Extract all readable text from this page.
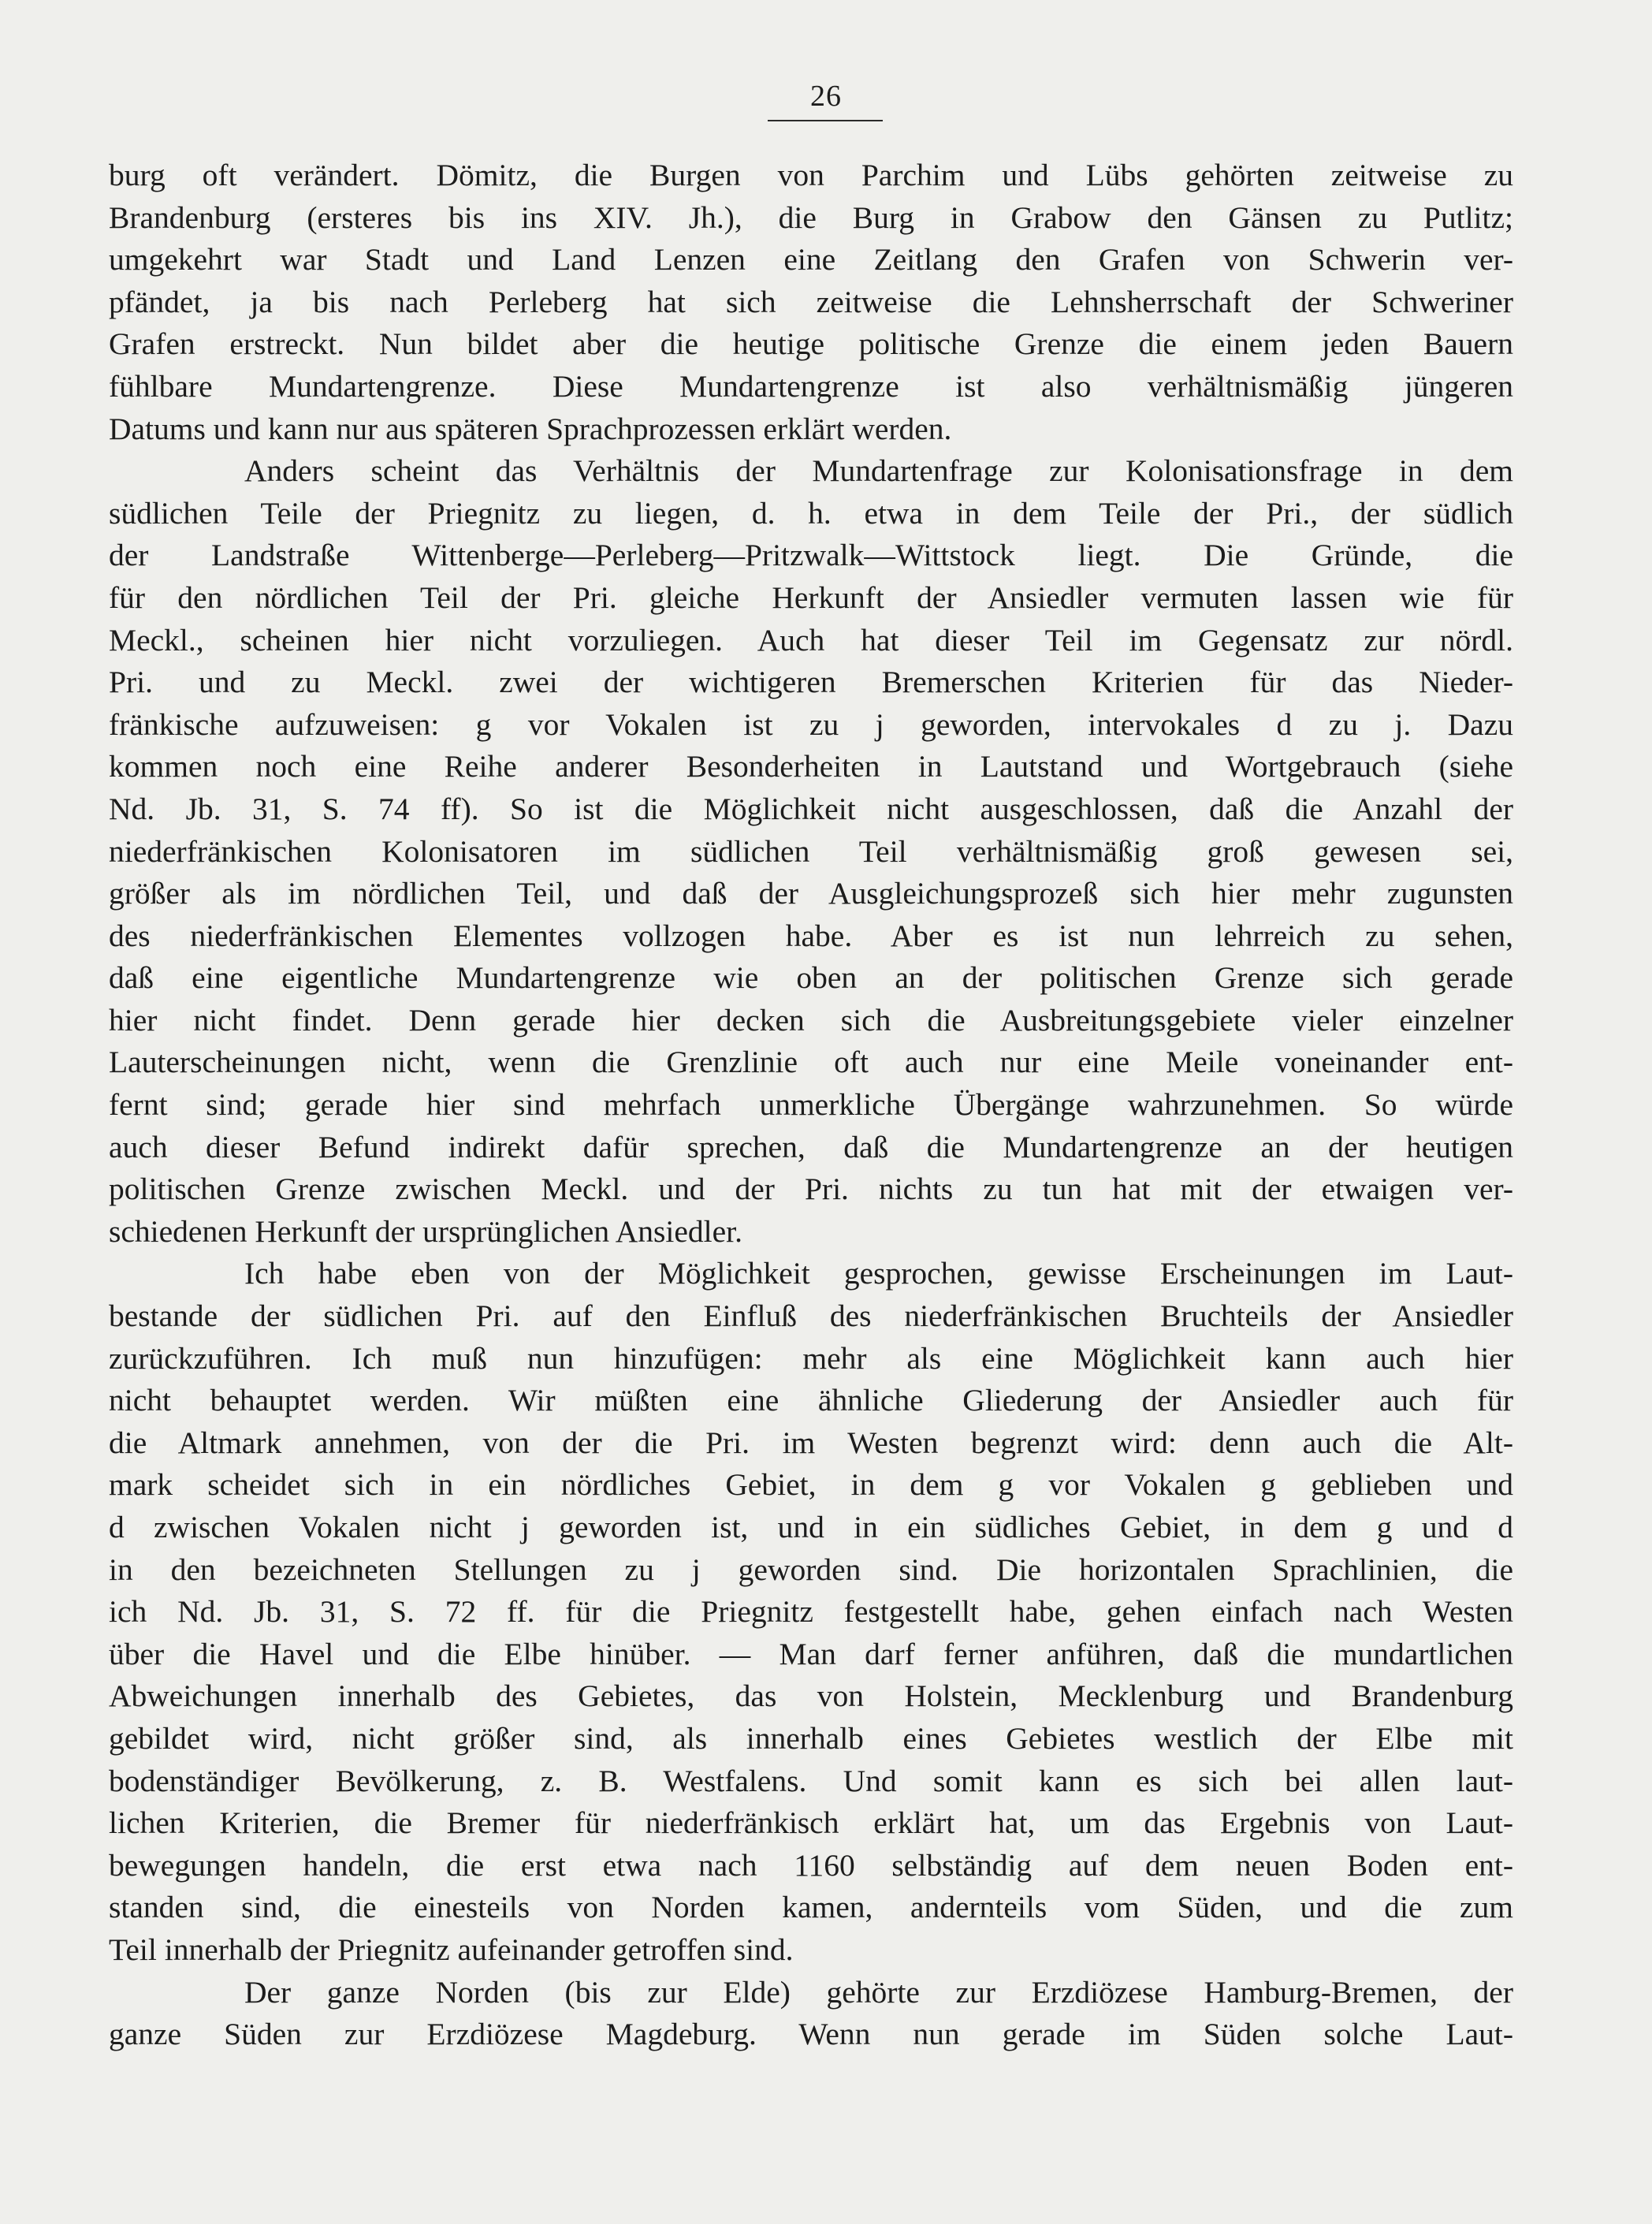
26
burg oft verändert. Dömitz, die Burgen von Parchim und Lübs gehörten zeitweise zu
Brandenburg (ersteres bis ins XIV. Jh.), die Burg in Grabow den Gänsen zu Putlitz;
umgekehrt war Stadt und Land Lenzen eine Zeitlang den Grafen von Schwerin ver-
pfändet, ja bis nach Perleberg hat sich zeitweise die Lehnsherrschaft der Schweriner
Grafen erstreckt. Nun bildet aber die heutige politische Grenze die einem jeden Bauern
fühlbare Mundartengrenze. Diese Mundartengrenze ist also verhältnismäßig jüngeren
Datums und kann nur aus späteren Sprachprozessen erklärt werden.
Anders scheint das Verhältnis der Mundartenfrage zur Kolonisationsfrage in dem
südlichen Teile der Priegnitz zu liegen, d. h. etwa in dem Teile der Pri., der südlich
der Landstraße Wittenberge—Perleberg—Pritzwalk—Wittstock liegt. Die Gründe, die
für den nördlichen Teil der Pri. gleiche Herkunft der Ansiedler vermuten lassen wie für
Meckl., scheinen hier nicht vorzuliegen. Auch hat dieser Teil im Gegensatz zur nördl.
Pri. und zu Meckl. zwei der wichtigeren Bremerschen Kriterien für das Nieder-
fränkische aufzuweisen: g vor Vokalen ist zu j geworden, intervokales d zu j. Dazu
kommen noch eine Reihe anderer Besonderheiten in Lautstand und Wortgebrauch (siehe
Nd. Jb. 31, S. 74 ff). So ist die Möglichkeit nicht ausgeschlossen, daß die Anzahl der
niederfränkischen Kolonisatoren im südlichen Teil verhältnismäßig groß gewesen sei,
größer als im nördlichen Teil, und daß der Ausgleichungsprozeß sich hier mehr zugunsten
des niederfränkischen Elementes vollzogen habe. Aber es ist nun lehrreich zu sehen,
daß eine eigentliche Mundartengrenze wie oben an der politischen Grenze sich gerade
hier nicht findet. Denn gerade hier decken sich die Ausbreitungsgebiete vieler einzelner
Lauterscheinungen nicht, wenn die Grenzlinie oft auch nur eine Meile voneinander ent-
fernt sind; gerade hier sind mehrfach unmerkliche Übergänge wahrzunehmen. So würde
auch dieser Befund indirekt dafür sprechen, daß die Mundartengrenze an der heutigen
politischen Grenze zwischen Meckl. und der Pri. nichts zu tun hat mit der etwaigen ver-
schiedenen Herkunft der ursprünglichen Ansiedler.
Ich habe eben von der Möglichkeit gesprochen, gewisse Erscheinungen im Laut-
bestande der südlichen Pri. auf den Einfluß des niederfränkischen Bruchteils der Ansiedler
zurückzuführen. Ich muß nun hinzufügen: mehr als eine Möglichkeit kann auch hier
nicht behauptet werden. Wir müßten eine ähnliche Gliederung der Ansiedler auch für
die Altmark annehmen, von der die Pri. im Westen begrenzt wird: denn auch die Alt-
mark scheidet sich in ein nördliches Gebiet, in dem g vor Vokalen g geblieben und
d zwischen Vokalen nicht j geworden ist, und in ein südliches Gebiet, in dem g und d
in den bezeichneten Stellungen zu j geworden sind. Die horizontalen Sprachlinien, die
ich Nd. Jb. 31, S. 72 ff. für die Priegnitz festgestellt habe, gehen einfach nach Westen
über die Havel und die Elbe hinüber. — Man darf ferner anführen, daß die mundartlichen
Abweichungen innerhalb des Gebietes, das von Holstein, Mecklenburg und Brandenburg
gebildet wird, nicht größer sind, als innerhalb eines Gebietes westlich der Elbe mit
bodenständiger Bevölkerung, z. B. Westfalens. Und somit kann es sich bei allen laut-
lichen Kriterien, die Bremer für niederfränkisch erklärt hat, um das Ergebnis von Laut-
bewegungen handeln, die erst etwa nach 1160 selbständig auf dem neuen Boden ent-
standen sind, die einesteils von Norden kamen, andernteils vom Süden, und die zum
Teil innerhalb der Priegnitz aufeinander getroffen sind.
Der ganze Norden (bis zur Elde) gehörte zur Erzdiözese Hamburg-Bremen, der
ganze Süden zur Erzdiözese Magdeburg. Wenn nun gerade im Süden solche Laut-
